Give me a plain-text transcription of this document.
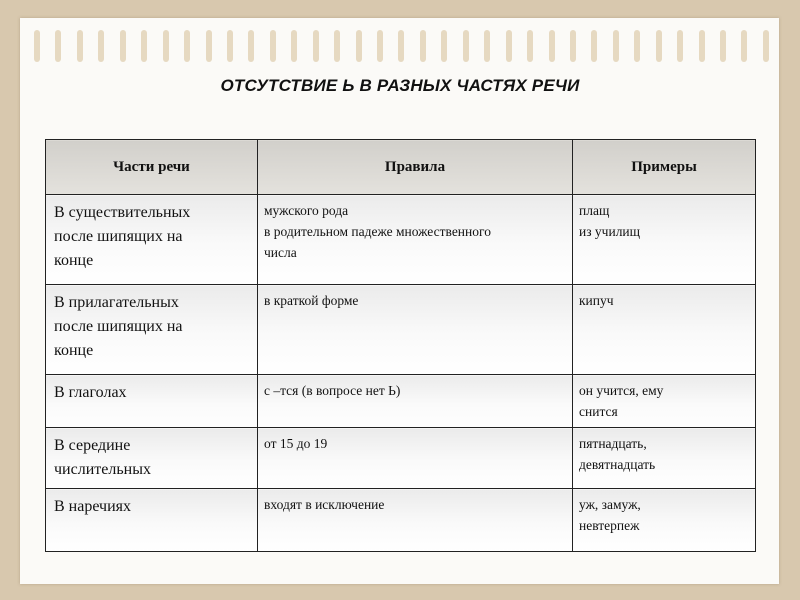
ОТСУТСТВИЕ Ь В РАЗНЫХ ЧАСТЯХ РЕЧИ
Части речи	Правила	Примеры

В существительных
после шипящих на
конце	мужского рода
в родительном падеже множественного
числа	плащ
из училищ

В прилагательных
после шипящих на
конце	в краткой форме	кипуч

В глаголах	с –тся (в вопросе нет Ь)	он учится, ему
снится

В середине
числительных	от 15 до 19	пятнадцать,
девятнадцать

В наречиях	входят в исключение	уж, замуж,
невтерпеж
